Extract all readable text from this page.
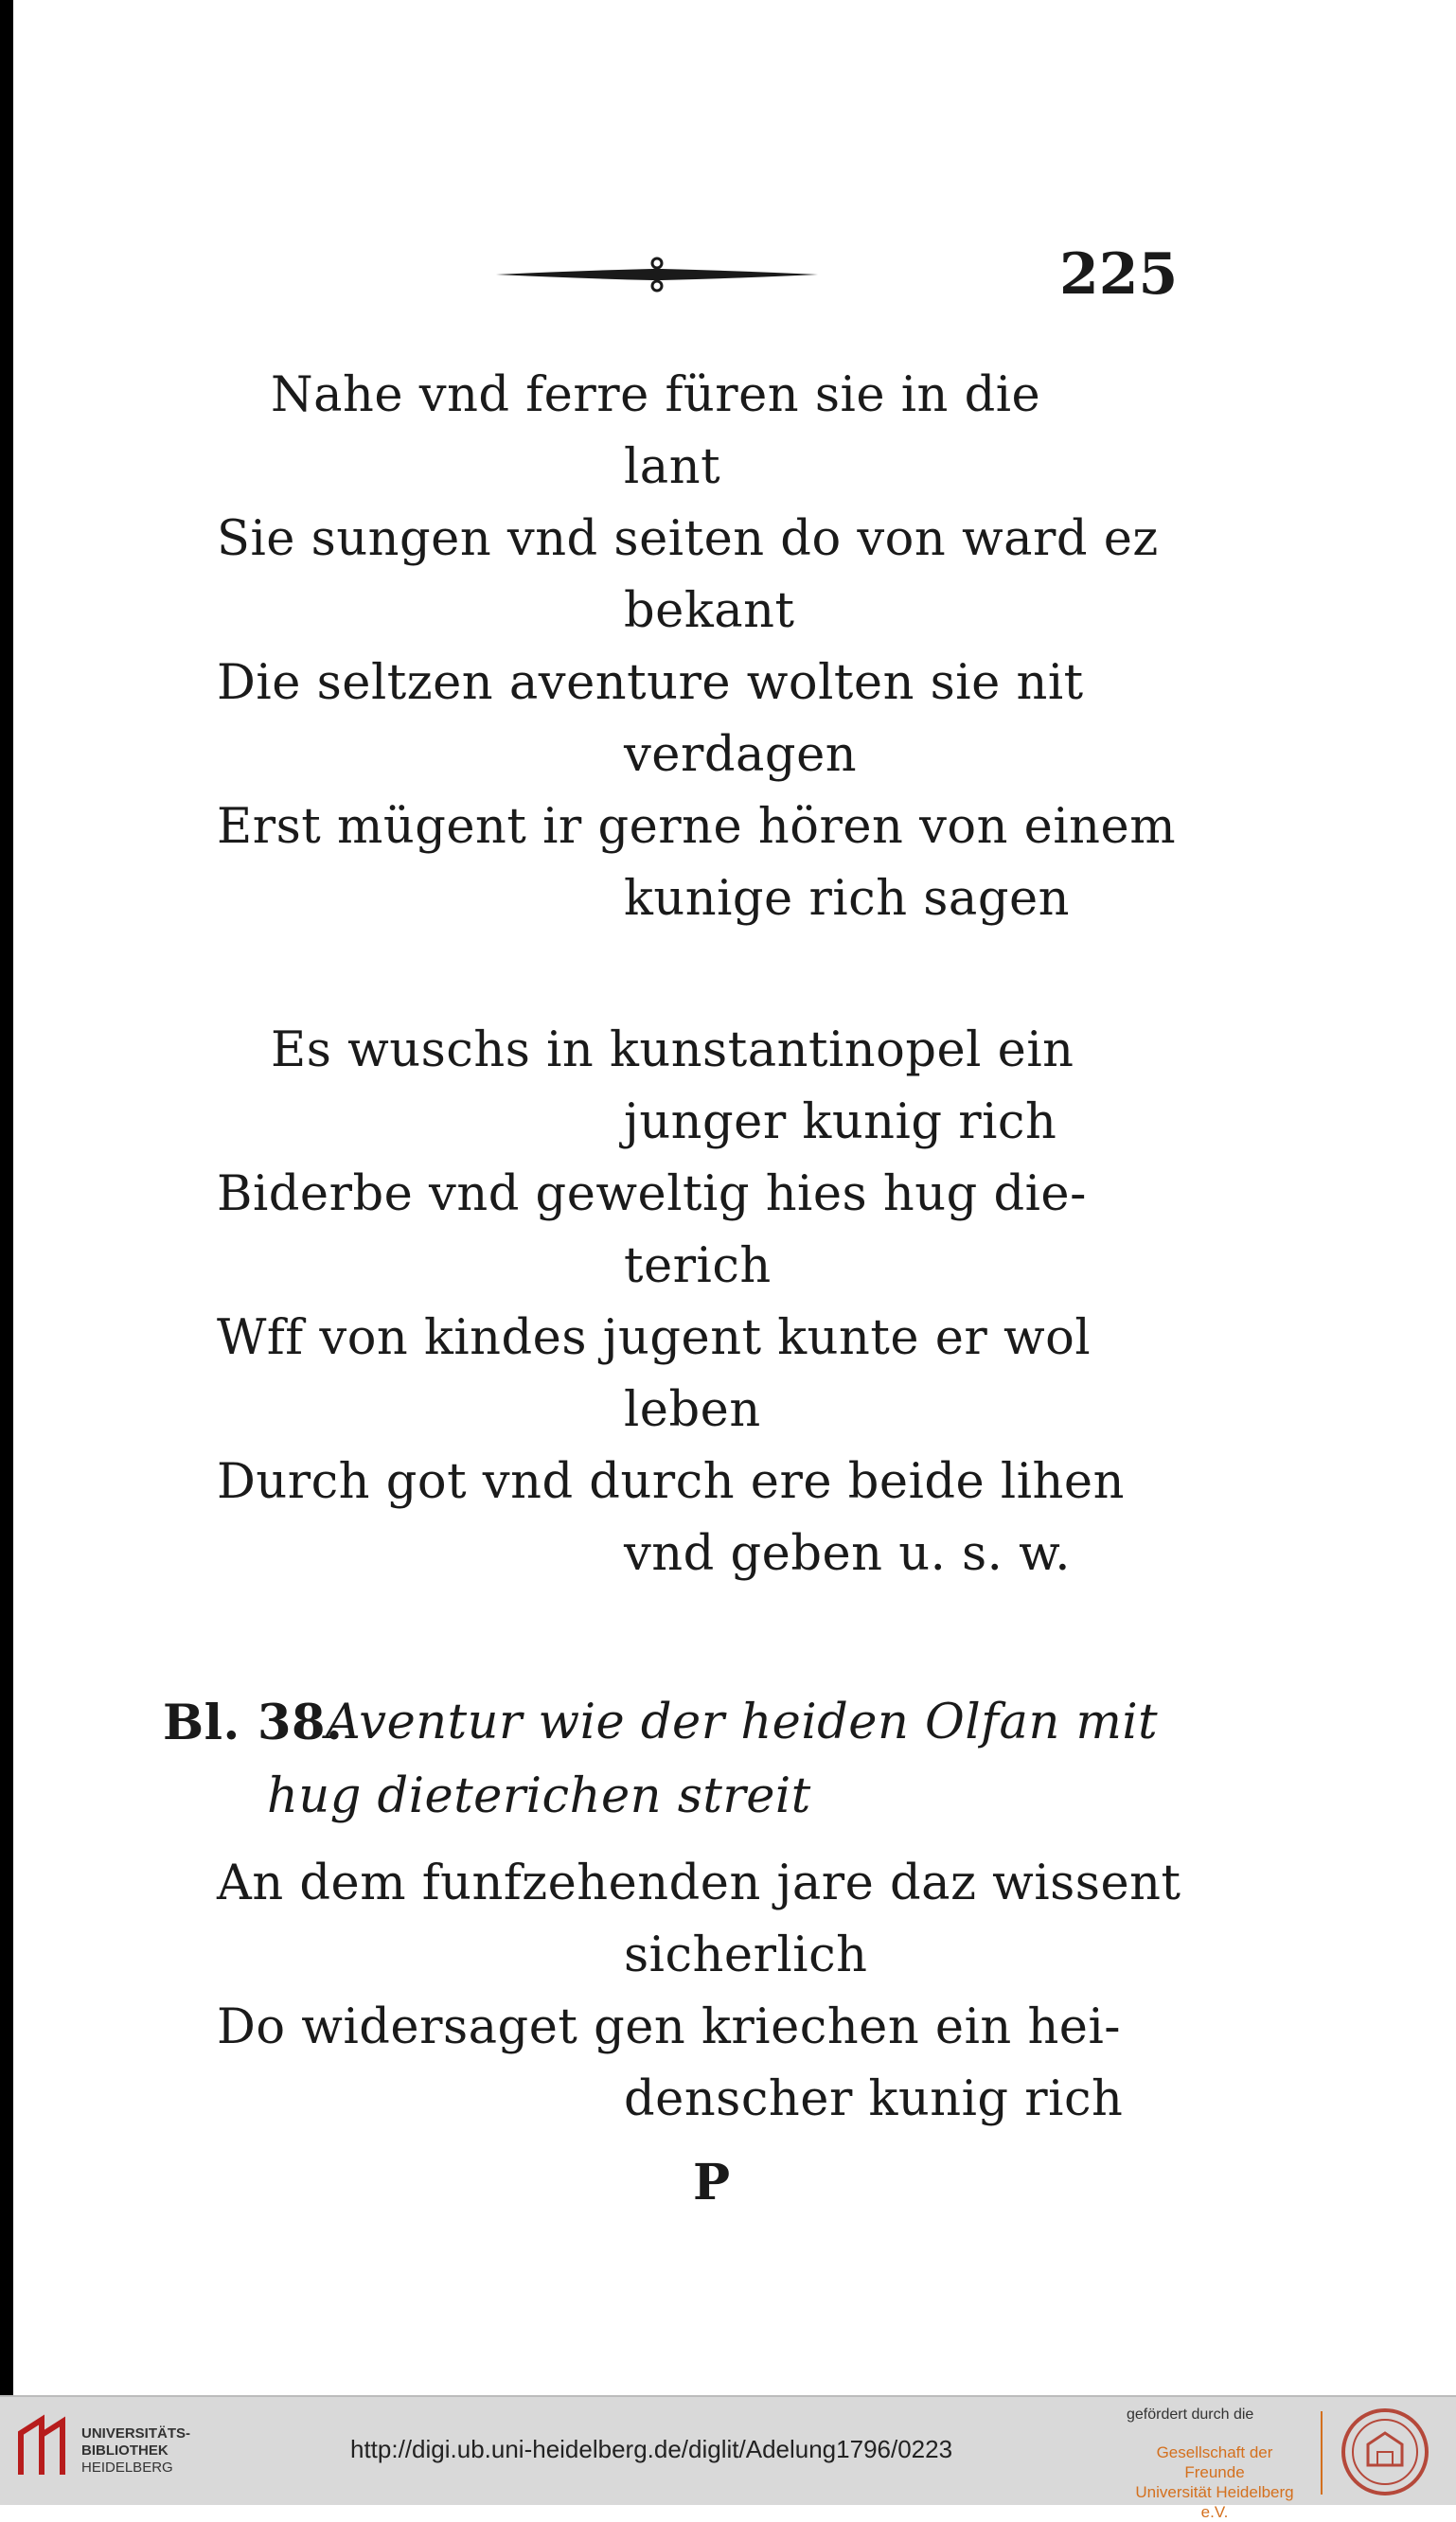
225
Nahe vnd ferre füren sie in die
lant
Sie sungen vnd seiten do von ward ez
bekant
Die seltzen aventure wolten sie nit
verdagen
Erst mügent ir gerne hören von einem
kunige rich sagen
Es wuschs in kunstantinopel ein
junger kunig rich
Biderbe vnd geweltig hies hug die-
terich
Wff von kindes jugent kunte er wol
leben
Durch got vnd durch ere beide lihen
vnd geben u. s. w.
Bl. 38.
Aventur wie der heiden Olfan mit
hug dieterichen streit
An dem funfzehenden jare daz wissent
sicherlich
Do widersaget gen kriechen ein hei-
denscher kunig rich
P
UNIVERSITÄTS-
BIBLIOTHEK
HEIDELBERG
http://digi.ub.uni-heidelberg.de/diglit/Adelung1796/0223
gefördert durch die
Gesellschaft der Freunde
Universität Heidelberg e.V.
